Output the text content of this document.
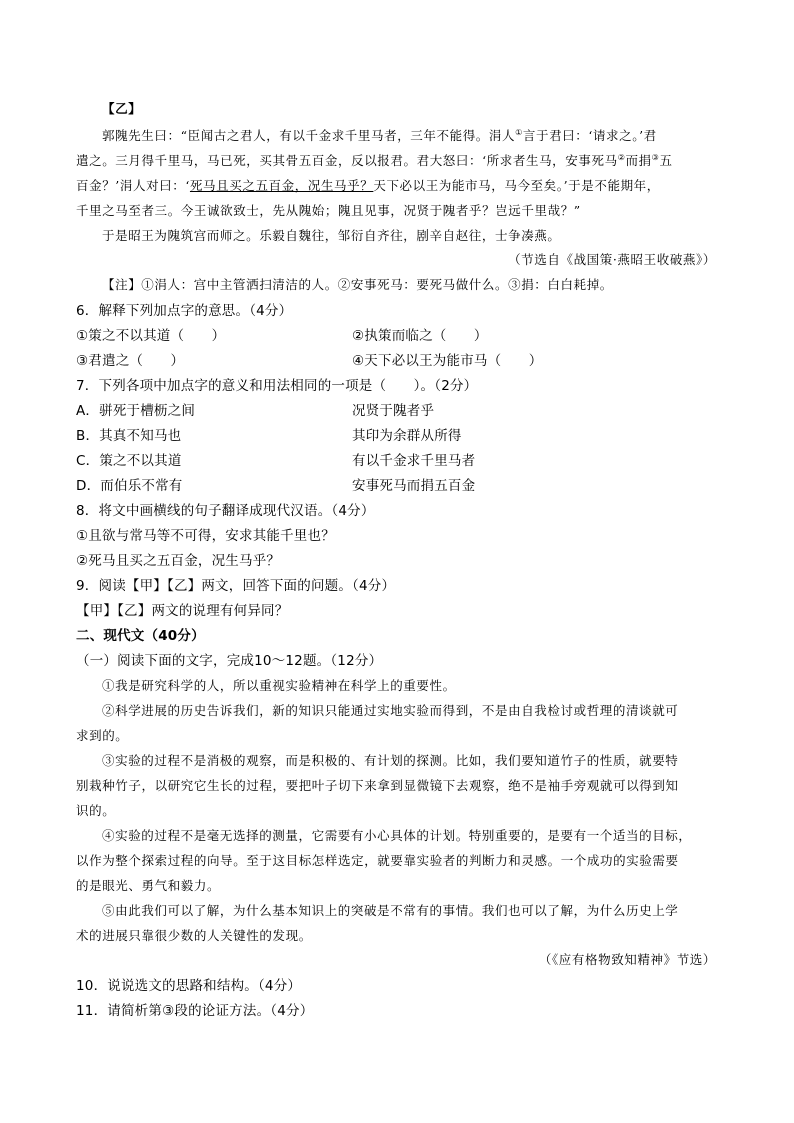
【乙】
郭隗先生曰：“臣闻古之君人，有以千金求千里马者，三年不能得。涓人①言于君曰：‘请求之。’君
遣之。三月得千里马，马已死，买其骨五百金，反以报君。君大怒曰：‘所求者生马，安事死马②而捐③五
百金？’涓人对曰：‘死马且买之五百金，况生马乎？天下必以王为能市马，马今至矣。’于是不能期年，
千里之马至者三。今王诚欲致士，先从隗始；隗且见事，况贤于隗者乎？岂远千里哉？”
于是昭王为隗筑宫而师之。乐毅自魏往，邹衍自齐往，剧辛自赵往，士争凑燕。
（节选自《战国策·燕昭王收破燕》）
【注】①涓人：宫中主管洒扫清洁的人。②安事死马：要死马做什么。③捐：白白耗掉。
6．解释下列加点字的意思。（4分）
①策之不以其道（　　）	②执策而临之（　　）
③君遣之（　　）	④天下必以王为能市马（　　）
7．下列各项中加点字的意义和用法相同的一项是（　　）。（2分）
A．骈死于槽枥之间	况贤于隗者乎
B．其真不知马也	其印为余群从所得
C．策之不以其道	有以千金求千里马者
D．而伯乐不常有	安事死马而捐五百金
8．将文中画横线的句子翻译成现代汉语。（4分）
①且欲与常马等不可得，安求其能千里也？
②死马且买之五百金，况生马乎？
9．阅读【甲】【乙】两文，回答下面的问题。（4分）
【甲】【乙】两文的说理有何异同？
二、现代文（40分）
（一）阅读下面的文字，完成10～12题。（12分）
①我是研究科学的人，所以重视实验精神在科学上的重要性。
②科学进展的历史告诉我们，新的知识只能通过实地实验而得到，不是由自我检讨或哲理的清谈就可
求到的。
③实验的过程不是消极的观察，而是积极的、有计划的探测。比如，我们要知道竹子的性质，就要特
别栽种竹子，以研究它生长的过程，要把叶子切下来拿到显微镜下去观察，绝不是袖手旁观就可以得到知
识的。
④实验的过程不是毫无选择的测量，它需要有小心具体的计划。特别重要的，是要有一个适当的目标，
以作为整个探索过程的向导。至于这目标怎样选定，就要靠实验者的判断力和灵感。一个成功的实验需要
的是眼光、勇气和毅力。
⑤由此我们可以了解，为什么基本知识上的突破是不常有的事情。我们也可以了解，为什么历史上学
术的进展只靠很少数的人关键性的发现。
（《应有格物致知精神》节选）
10．说说选文的思路和结构。（4分）
11．请简析第③段的论证方法。（4分）
